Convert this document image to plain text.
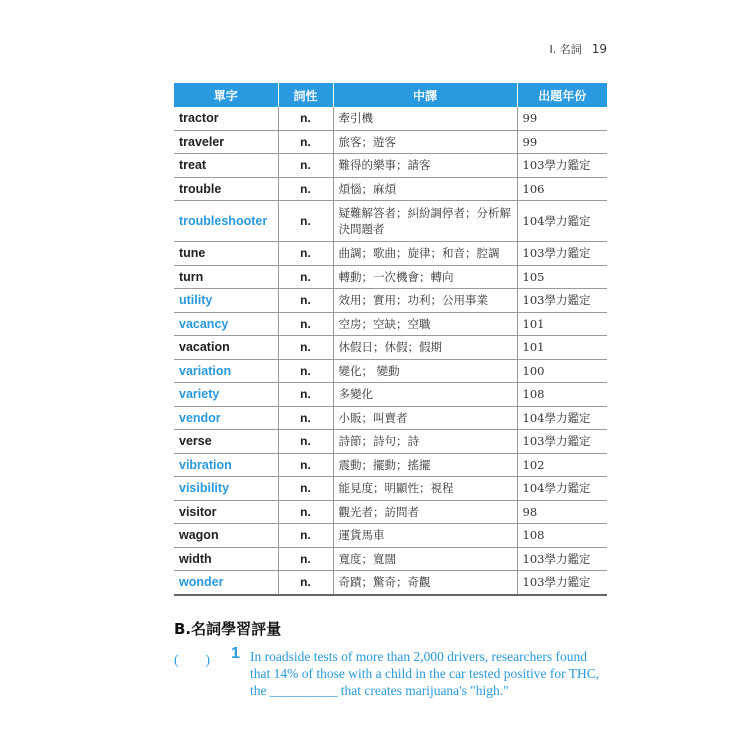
I. 名詞 19
單字	詞性	中譯	出題年份
tractor	n.	牽引機	99
traveler	n.	旅客；遊客	99
treat	n.	難得的樂事；請客	103學力鑑定
trouble	n.	煩惱；麻煩	106
troubleshooter	n.	疑難解答者；糾紛調停者；分析解決問題者	104學力鑑定
tune	n.	曲調；歌曲；旋律；和音；腔調	103學力鑑定
turn	n.	轉動；一次機會；轉向	105
utility	n.	效用；實用；功利；公用事業	103學力鑑定
vacancy	n.	空房；空缺；空職	101
vacation	n.	休假日；休假；假期	101
variation	n.	變化； 變動	100
variety	n.	多變化	108
vendor	n.	小販；叫賣者	104學力鑑定
verse	n.	詩節；詩句；詩	103學力鑑定
vibration	n.	震動；擺動；搖擺	102
visibility	n.	能見度；明顯性；視程	104學力鑑定
visitor	n.	觀光者；訪問者	98
wagon	n.	運貨馬車	108
width	n.	寬度；寬闊	103學力鑑定
wonder	n.	奇蹟；驚奇；奇觀	103學力鑑定
B.名詞學習評量
(　　) 1 In roadside tests of more than 2,000 drivers, researchers found that 14% of those with a child in the car tested positive for THC, the __________ that creates marijuana's "high."
